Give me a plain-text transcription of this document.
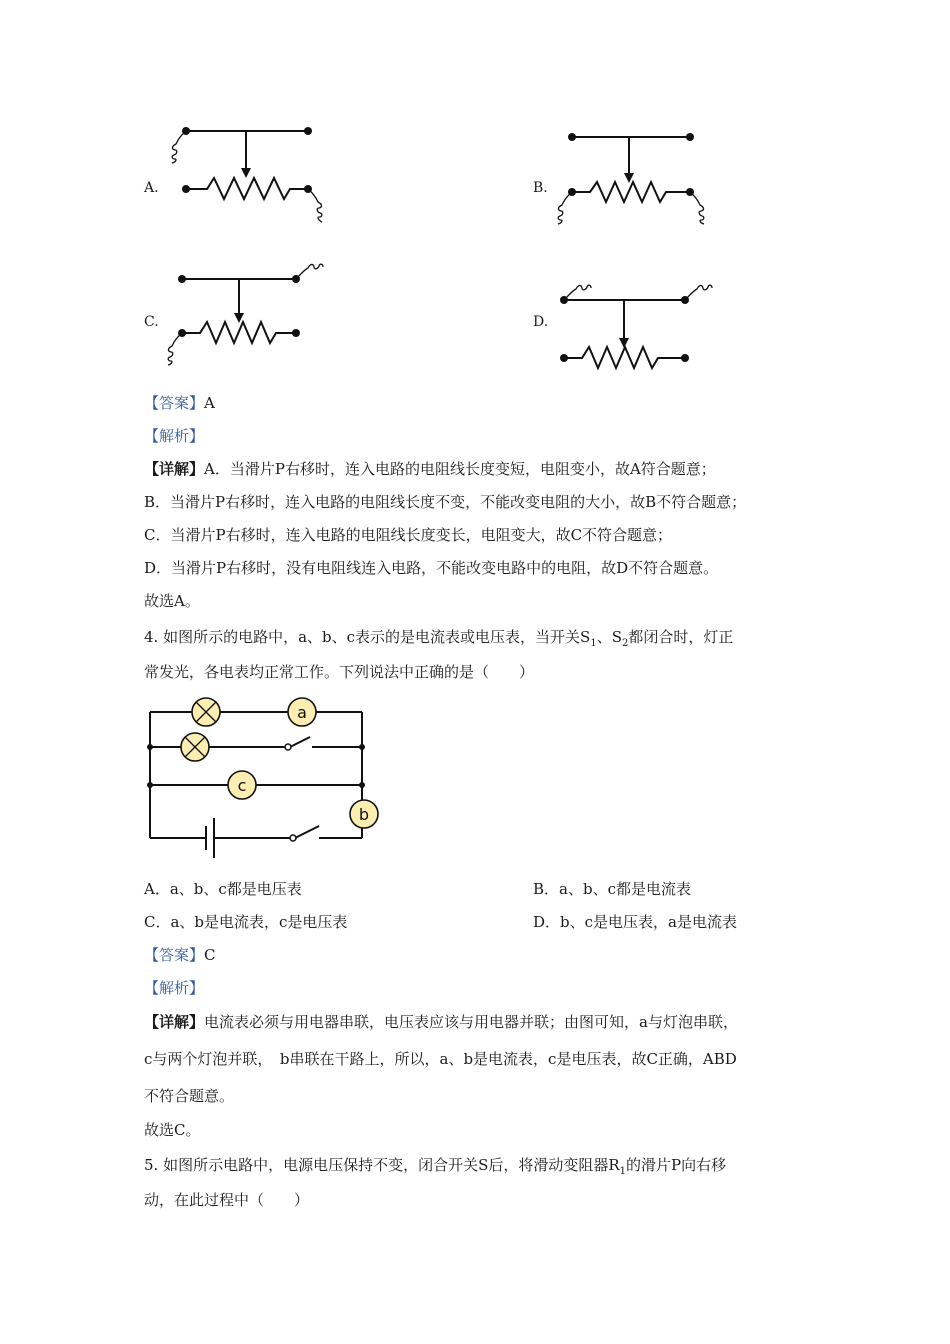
A.	B.
C.	D.
【答案】A
【解析】
【详解】A．当滑片P右移时，连入电路的电阻线长度变短，电阻变小，故A符合题意；
B．当滑片P右移时，连入电路的电阻线长度不变，不能改变电阻的大小，故B不符合题意；
C．当滑片P右移时，连入电路的电阻线长度变长，电阻变大，故C不符合题意；
D．当滑片P右移时，没有电阻线连入电路，不能改变电路中的电阻，故D不符合题意。
故选A。
4. 如图所示的电路中，a、b、c表示的是电流表或电压表，当开关$S_1$、$S_2$都闭合时，灯正
常发光，各电表均正常工作。下列说法中正确的是（　　）
a
c
b
A．a、b、c都是电压表	B．a、b、c都是电流表
C．a、b是电流表，c是电压表	D．b、c是电压表，a是电流表
【答案】C
【解析】
【详解】电流表必须与用电器串联，电压表应该与用电器并联；由图可知，a与灯泡串联，
c与两个灯泡并联，　b串联在干路上，所以，a、b是电流表，c是电压表，故C正确，ABD
不符合题意。
故选C。
5. 如图所示电路中，电源电压保持不变，闭合开关S后，将滑动变阻器$R_1$的滑片P向右移
动，在此过程中（　　）
